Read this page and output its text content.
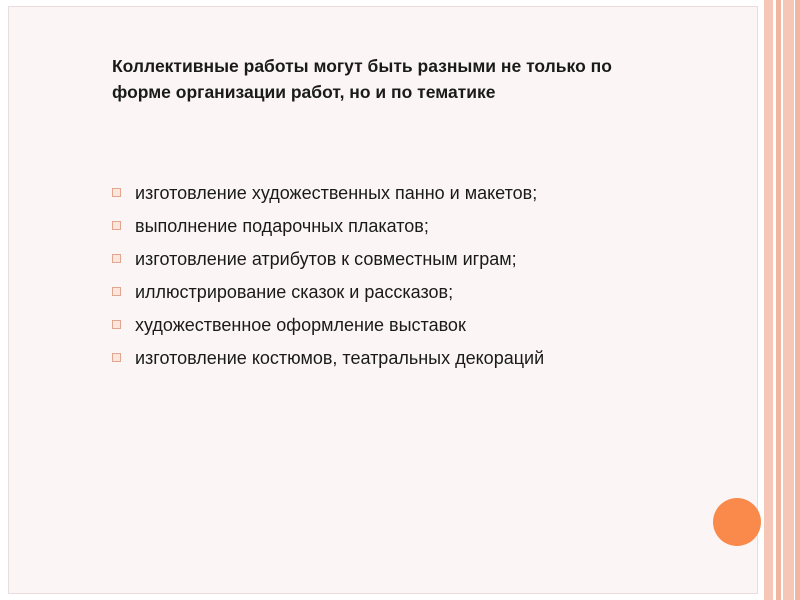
Коллективные работы могут быть разными не только по форме организации работ, но и по тематике
изготовление художественных панно и макетов;
выполнение подарочных плакатов;
изготовление атрибутов к совместным играм;
иллюстрирование сказок и рассказов;
художественное оформление выставок
изготовление костюмов, театральных декораций
